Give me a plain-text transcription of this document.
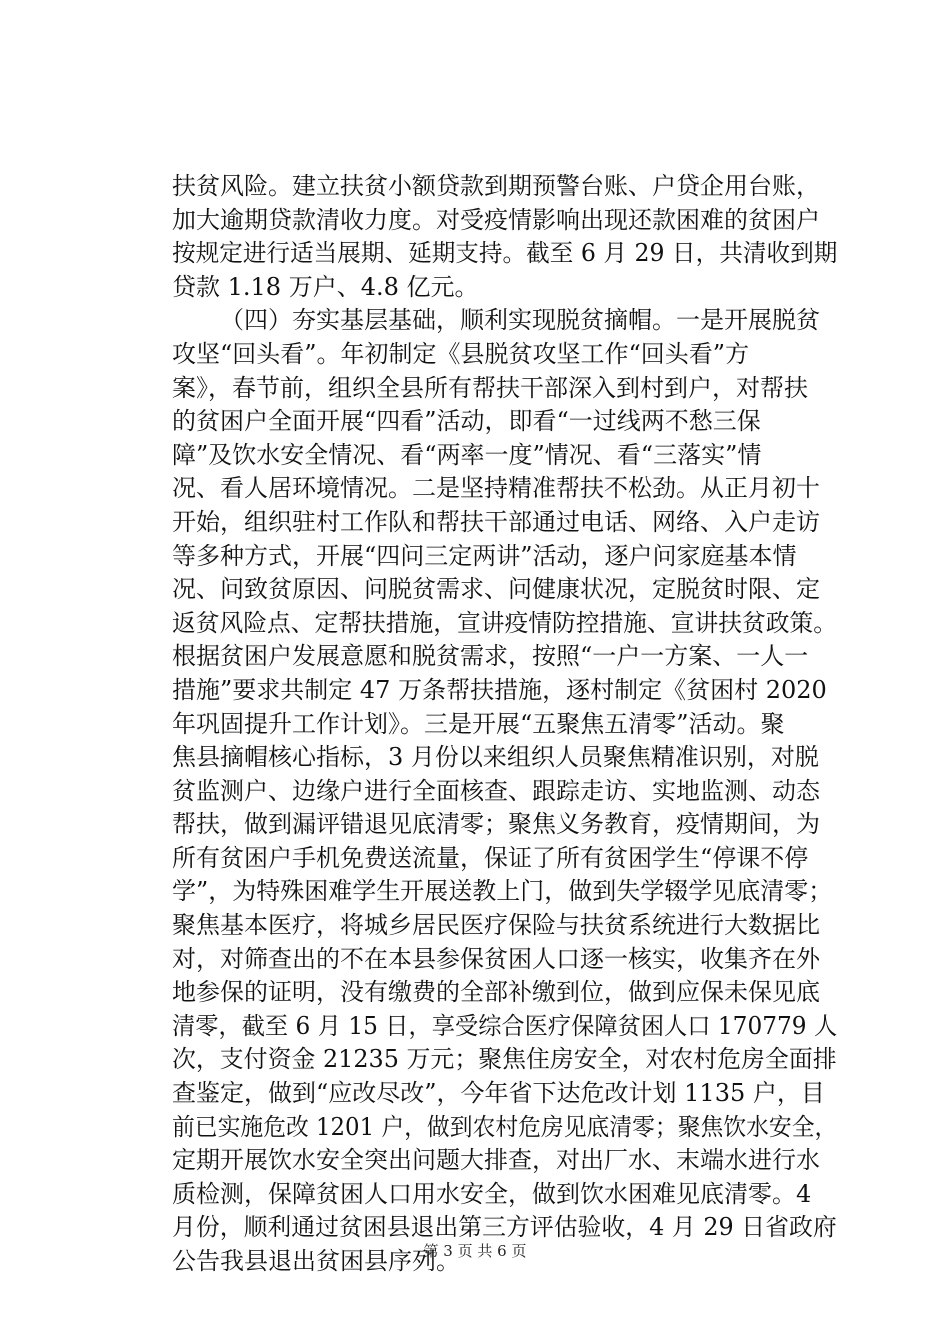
扶贫风险。建立扶贫小额贷款到期预警台账、户贷企用台账，
加大逾期贷款清收力度。对受疫情影响出现还款困难的贫困户
按规定进行适当展期、延期支持。截至 6 月 29 日，共清收到期
贷款 1.18 万户、4.8 亿元。
（四）夯实基层基础，顺利实现脱贫摘帽。一是开展脱贫
攻坚“回头看”。年初制定《县脱贫攻坚工作“回头看”方
案》，春节前，组织全县所有帮扶干部深入到村到户，对帮扶
的贫困户全面开展“四看”活动，即看“一过线两不愁三保
障”及饮水安全情况、看“两率一度”情况、看“三落实”情
况、看人居环境情况。二是坚持精准帮扶不松劲。从正月初十
开始，组织驻村工作队和帮扶干部通过电话、网络、入户走访
等多种方式，开展“四问三定两讲”活动，逐户问家庭基本情
况、问致贫原因、问脱贫需求、问健康状况，定脱贫时限、定
返贫风险点、定帮扶措施，宣讲疫情防控措施、宣讲扶贫政策。
根据贫困户发展意愿和脱贫需求，按照“一户一方案、一人一
措施”要求共制定 47 万条帮扶措施，逐村制定《贫困村 2020
年巩固提升工作计划》。三是开展“五聚焦五清零”活动。聚
焦县摘帽核心指标，3 月份以来组织人员聚焦精准识别，对脱
贫监测户、边缘户进行全面核查、跟踪走访、实地监测、动态
帮扶，做到漏评错退见底清零；聚焦义务教育，疫情期间，为
所有贫困户手机免费送流量，保证了所有贫困学生“停课不停
学”，为特殊困难学生开展送教上门，做到失学辍学见底清零；
聚焦基本医疗，将城乡居民医疗保险与扶贫系统进行大数据比
对，对筛查出的不在本县参保贫困人口逐一核实，收集齐在外
地参保的证明，没有缴费的全部补缴到位，做到应保未保见底
清零，截至 6 月 15 日，享受综合医疗保障贫困人口 170779 人
次，支付资金 21235 万元；聚焦住房安全，对农村危房全面排
查鉴定，做到“应改尽改”，今年省下达危改计划 1135 户，目
前已实施危改 1201 户，做到农村危房见底清零；聚焦饮水安全，
定期开展饮水安全突出问题大排查，对出厂水、末端水进行水
质检测，保障贫困人口用水安全，做到饮水困难见底清零。4
月份，顺利通过贫困县退出第三方评估验收，4 月 29 日省政府
公告我县退出贫困县序列。
第 3 页 共 6 页
